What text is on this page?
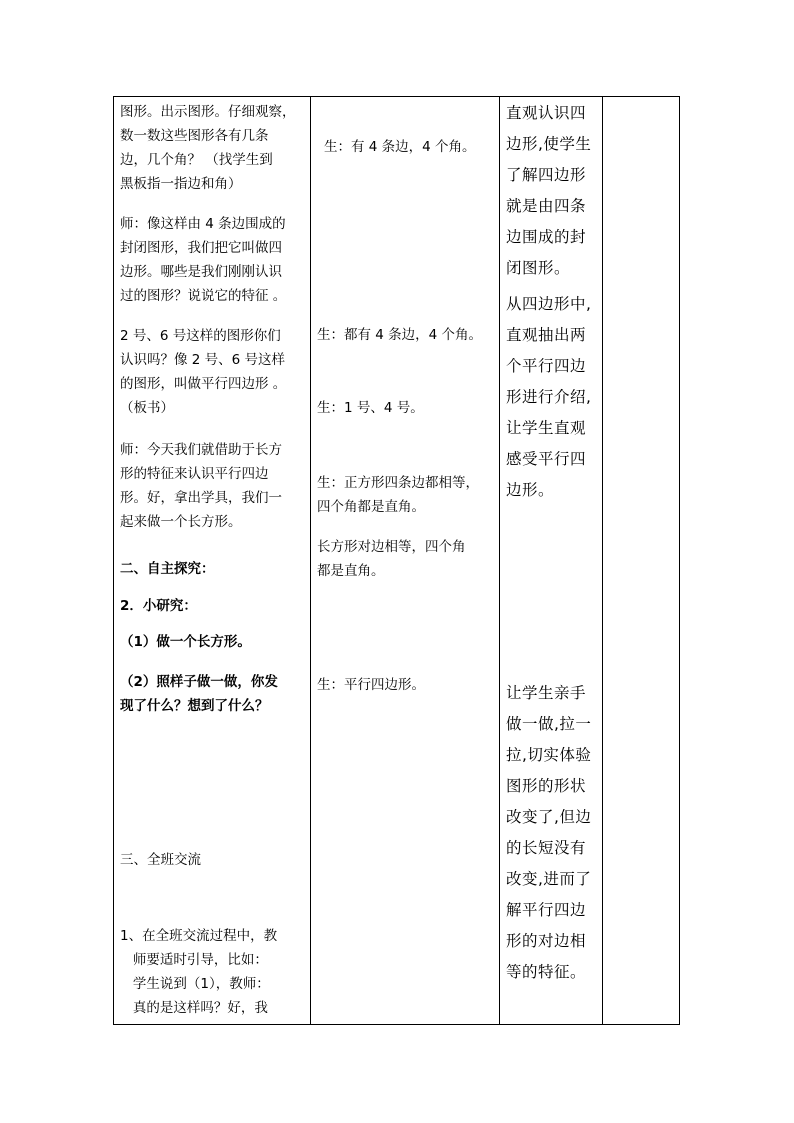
图形。出示图形。仔细观察，
数一数这些图形各有几条
边，几个角？ （找学生到
黑板指一指边和角）
师：像这样由 4 条边围成的
封闭图形，我们把它叫做四
边形。哪些是我们刚刚认识
过的图形？说说它的特征 。
2 号、6 号这样的图形你们
认识吗？像 2 号、6 号这样
的图形，叫做平行四边形 。
（板书）
师：今天我们就借助于长方
形的特征来认识平行四边
形。好，拿出学具，我们一
起来做一个长方形。
二、自主探究：
2．小研究：
（1）做一个长方形。
（2）照样子做一做，你发
现了什么？想到了什么？
三、全班交流
1、在全班交流过程中，教
师要适时引导，比如：
学生说到（1），教师：
真的是这样吗？好，我
生：有 4 条边，4 个角。
生：都有 4 条边，4 个角。
生：1 号、4 号。
生：正方形四条边都相等，
四个角都是直角。
长方形对边相等，四个角
都是直角。
生：平行四边形。
直观认识四
边形,使学生
了解四边形
就是由四条
边围成的封
闭图形。
从四边形中,
直观抽出两
个平行四边
形进行介绍,
让学生直观
感受平行四
边形。
让学生亲手
做一做,拉一
拉,切实体验
图形的形状
改变了,但边
的长短没有
改变,进而了
解平行四边
形的对边相
等的特征。
